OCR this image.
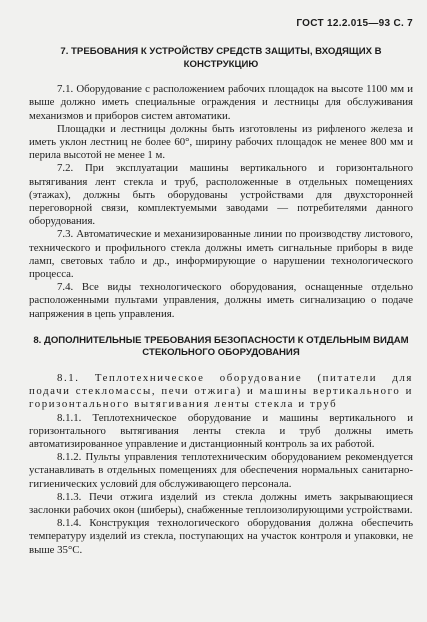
ГОСТ 12.2.015—93 С. 7
7. ТРЕБОВАНИЯ К УСТРОЙСТВУ СРЕДСТВ ЗАЩИТЫ, ВХОДЯЩИХ В КОНСТРУКЦИЮ

7.1. Оборудование с расположением рабочих площадок на высоте 1100 мм и выше должно иметь специальные ограждения и лестницы для обслуживания механизмов и приборов систем автоматики.

Площадки и лестницы должны быть изготовлены из рифленого железа и иметь уклон лестниц не более 60°, ширину рабочих площадок не менее 800 мм и перила высотой не менее 1 м.

7.2. При эксплуатации машины вертикального и горизонтального вытягивания лент стекла и труб, расположенные в отдельных помещениях (этажах), должны быть оборудованы устройствами для двухсторонней переговорной связи, комплектуемыми заводами — потребителями данного оборудования.

7.3. Автоматические и механизированные линии по производству листового, технического и профильного стекла должны иметь сигнальные приборы в виде ламп, световых табло и др., информирующие о нарушении технологического процесса.

7.4. Все виды технологического оборудования, оснащенные отдельно расположенными пультами управления, должны иметь сигнализацию о подаче напряжения в цепь управления.

8. ДОПОЛНИТЕЛЬНЫЕ ТРЕБОВАНИЯ БЕЗОПАСНОСТИ К ОТДЕЛЬНЫМ ВИДАМ СТЕКОЛЬНОГО ОБОРУДОВАНИЯ

8.1. Теплотехническое оборудование (питатели для подачи стекломассы, печи отжига) и машины вертикального и горизонтального вытягивания ленты стекла и труб

8.1.1. Теплотехническое оборудование и машины вертикального и горизонтального вытягивания ленты стекла и труб должны иметь автоматизированное управление и дистанционный контроль за их работой.

8.1.2. Пульты управления теплотехническим оборудованием рекомендуется устанавливать в отдельных помещениях для обеспечения нормальных санитарно-гигиенических условий для обслуживающего персонала.

8.1.3. Печи отжига изделий из стекла должны иметь закрывающиеся заслонки рабочих окон (шиберы), снабженные теплоизолирующими устройствами.

8.1.4. Конструкция технологического оборудования должна обеспечить температуру изделий из стекла, поступающих на участок контроля и упаковки, не выше 35°С.
